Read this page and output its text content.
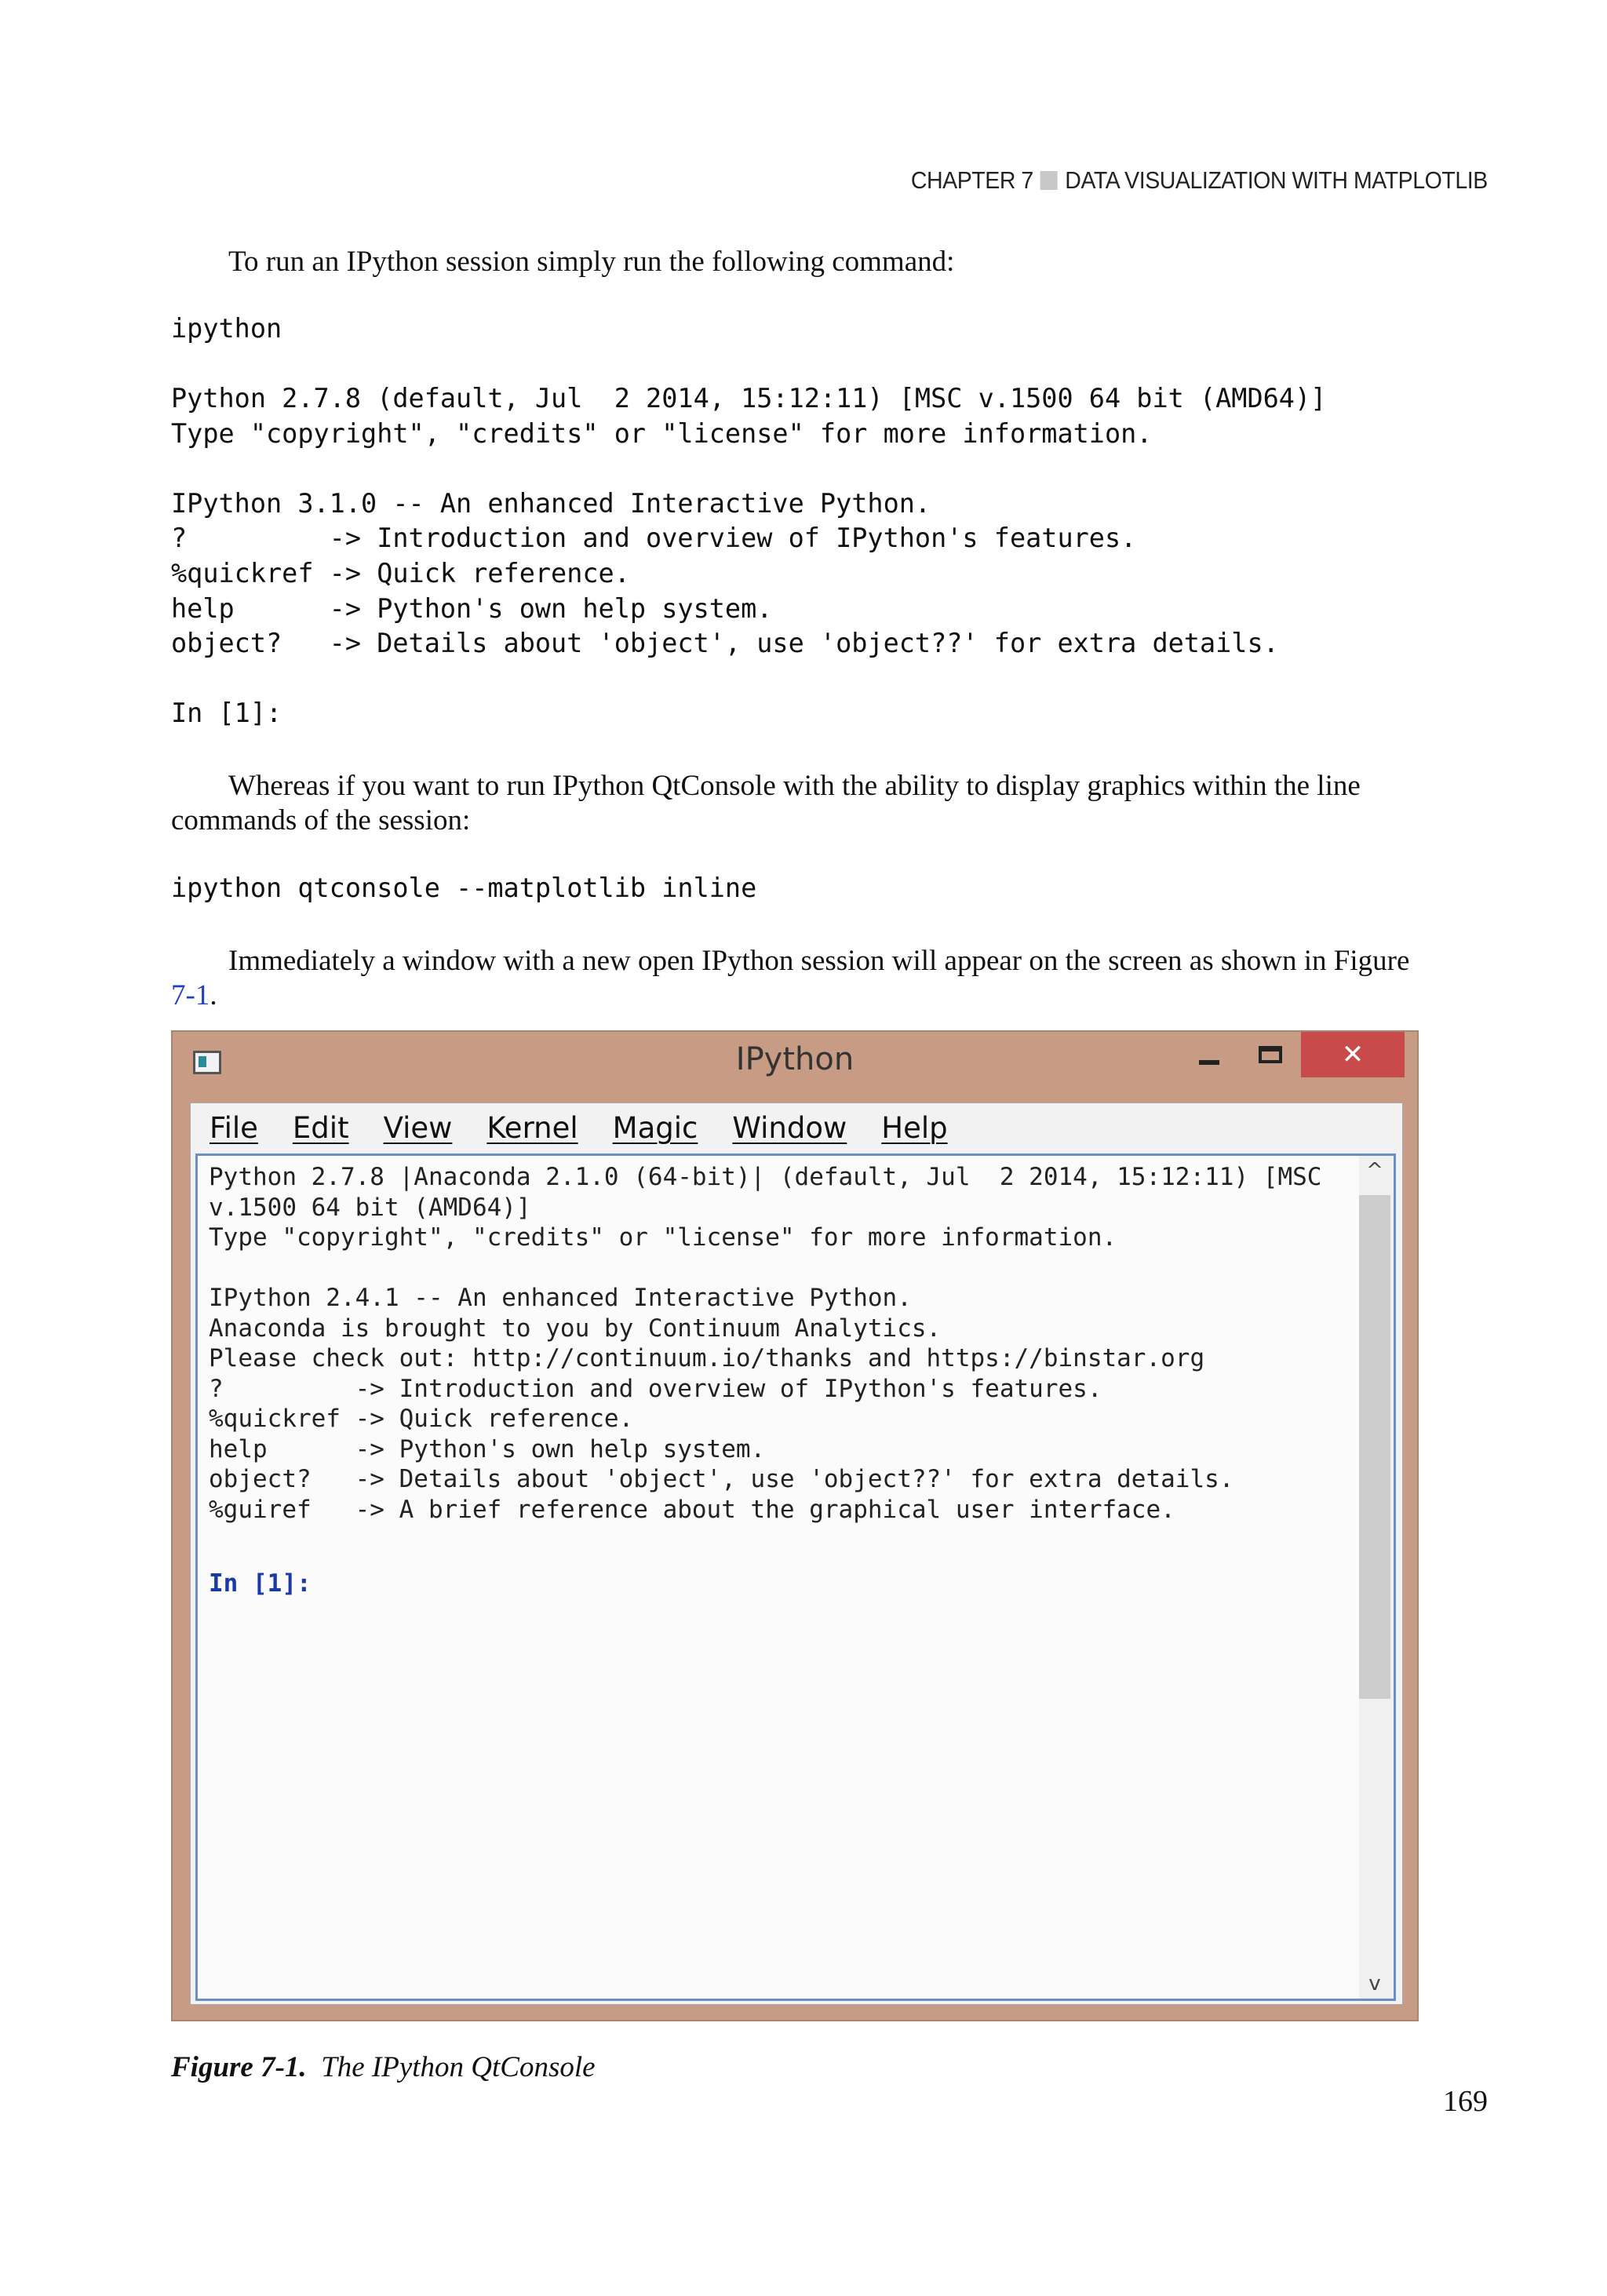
CHAPTER 7 DATA VISUALIZATION WITH MATPLOTLIB
To run an IPython session simply run the following command:
ipython
Python 2.7.8 (default, Jul  2 2014, 15:12:11) [MSC v.1500 64 bit (AMD64)]
Type "copyright", "credits" or "license" for more information.

IPython 3.1.0 -- An enhanced Interactive Python.
?         -> Introduction and overview of IPython's features.
%quickref -> Quick reference.
help      -> Python's own help system.
object?   -> Details about 'object', use 'object??' for extra details.

In [1]:
Whereas if you want to run IPython QtConsole with the ability to display graphics within the line commands of the session:
ipython qtconsole --matplotlib inline
Immediately a window with a new open IPython session will appear on the screen as shown in Figure 7-1.
IPython	✕
File Edit View Kernel Magic Window Help
Python 2.7.8 |Anaconda 2.1.0 (64-bit)| (default, Jul  2 2014, 15:12:11) [MSC
v.1500 64 bit (AMD64)]
Type "copyright", "credits" or "license" for more information.

IPython 2.4.1 -- An enhanced Interactive Python.
Anaconda is brought to you by Continuum Analytics.
Please check out: http://continuum.io/thanks and https://binstar.org
?         -> Introduction and overview of IPython's features.
%quickref -> Quick reference.
help      -> Python's own help system.
object?   -> Details about 'object', use 'object??' for extra details.
%guiref   -> A brief reference about the graphical user interface.
In [1]:
^
v
Figure 7-1. The IPython QtConsole
169
